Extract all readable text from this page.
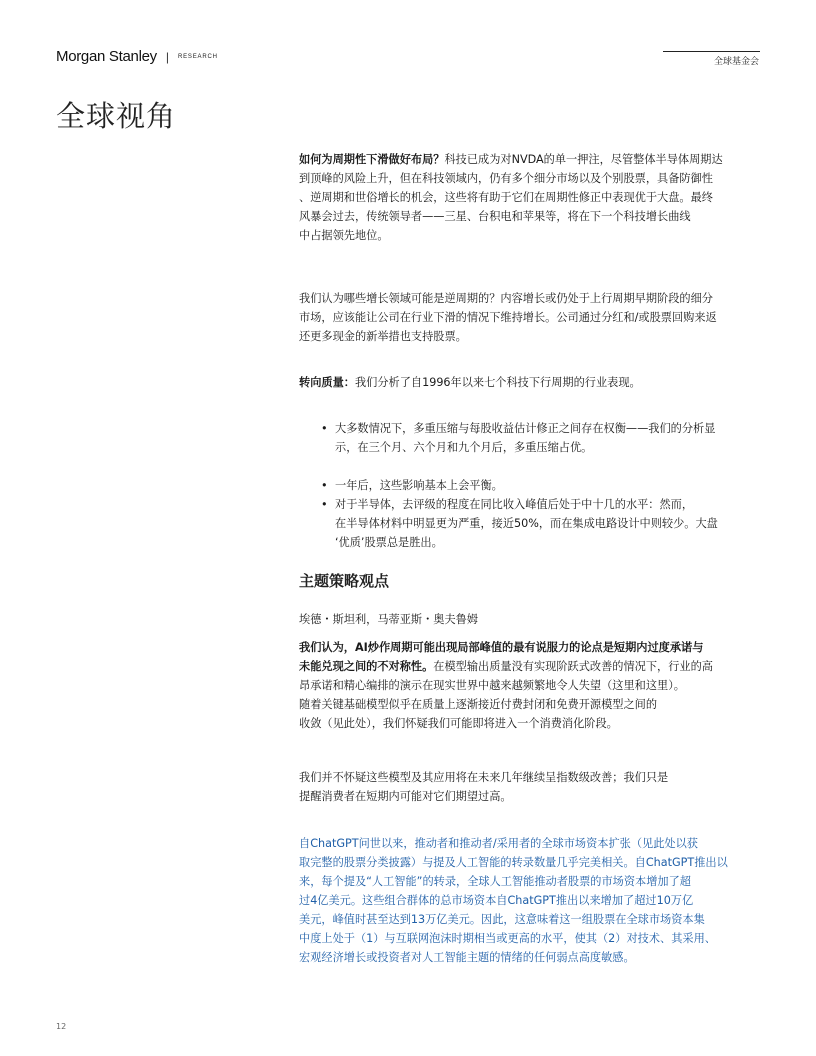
Morgan Stanley | RESEARCH
全球基金会
全球视角

如何为周期性下滑做好布局？科技已成为对NVDA的单一押注，尽管整体半导体周期达
到顶峰的风险上升，但在科技领域内，仍有多个细分市场以及个别股票，具备防御性
、逆周期和世俗增长的机会，这些将有助于它们在周期性修正中表现优于大盘。最终
风暴会过去，传统领导者——三星、台积电和苹果等，将在下一个科技增长曲线
中占据领先地位。

我们认为哪些增长领域可能是逆周期的？内容增长或仍处于上行周期早期阶段的细分
市场，应该能让公司在行业下滑的情况下维持增长。公司通过分红和/或股票回购来返
还更多现金的新举措也支持股票。

转向质量：我们分析了自1996年以来七个科技下行周期的行业表现。

• 大多数情况下，多重压缩与每股收益估计修正之间存在权衡——我们的分析显
示，在三个月、六个月和九个月后，多重压缩占优。
• 一年后，这些影响基本上会平衡。
• 对于半导体，去评级的程度在同比收入峰值后处于中十几的水平：然而，
在半导体材料中明显更为严重，接近50%，而在集成电路设计中则较少。大盘
‘优质’股票总是胜出。
主题策略观点

埃德・斯坦利，马蒂亚斯・奥夫鲁姆

我们认为，AI炒作周期可能出现局部峰值的最有说服力的论点是短期内过度承诺与
未能兑现之间的不对称性。在模型输出质量没有实现阶跃式改善的情况下，行业的高
昂承诺和精心编排的演示在现实世界中越来越频繁地令人失望（这里和这里）。
随着关键基础模型似乎在质量上逐渐接近付费封闭和免费开源模型之间的
收敛（见此处），我们怀疑我们可能即将进入一个消费消化阶段。

我们并不怀疑这些模型及其应用将在未来几年继续呈指数级改善；我们只是
提醒消费者在短期内可能对它们期望过高。

自ChatGPT问世以来，推动者和推动者/采用者的全球市场资本扩张（见此处以获
取完整的股票分类披露）与提及人工智能的转录数量几乎完美相关。自ChatGPT推出以
来，每个提及“人工智能”的转录，全球人工智能推动者股票的市场资本增加了超
过4亿美元。这些组合群体的总市场资本自ChatGPT推出以来增加了超过10万亿
美元，峰值时甚至达到13万亿美元。因此，这意味着这一组股票在全球市场资本集
中度上处于（1）与互联网泡沫时期相当或更高的水平，使其（2）对技术、其采用、
宏观经济增长或投资者对人工智能主题的情绪的任何弱点高度敏感。

12
